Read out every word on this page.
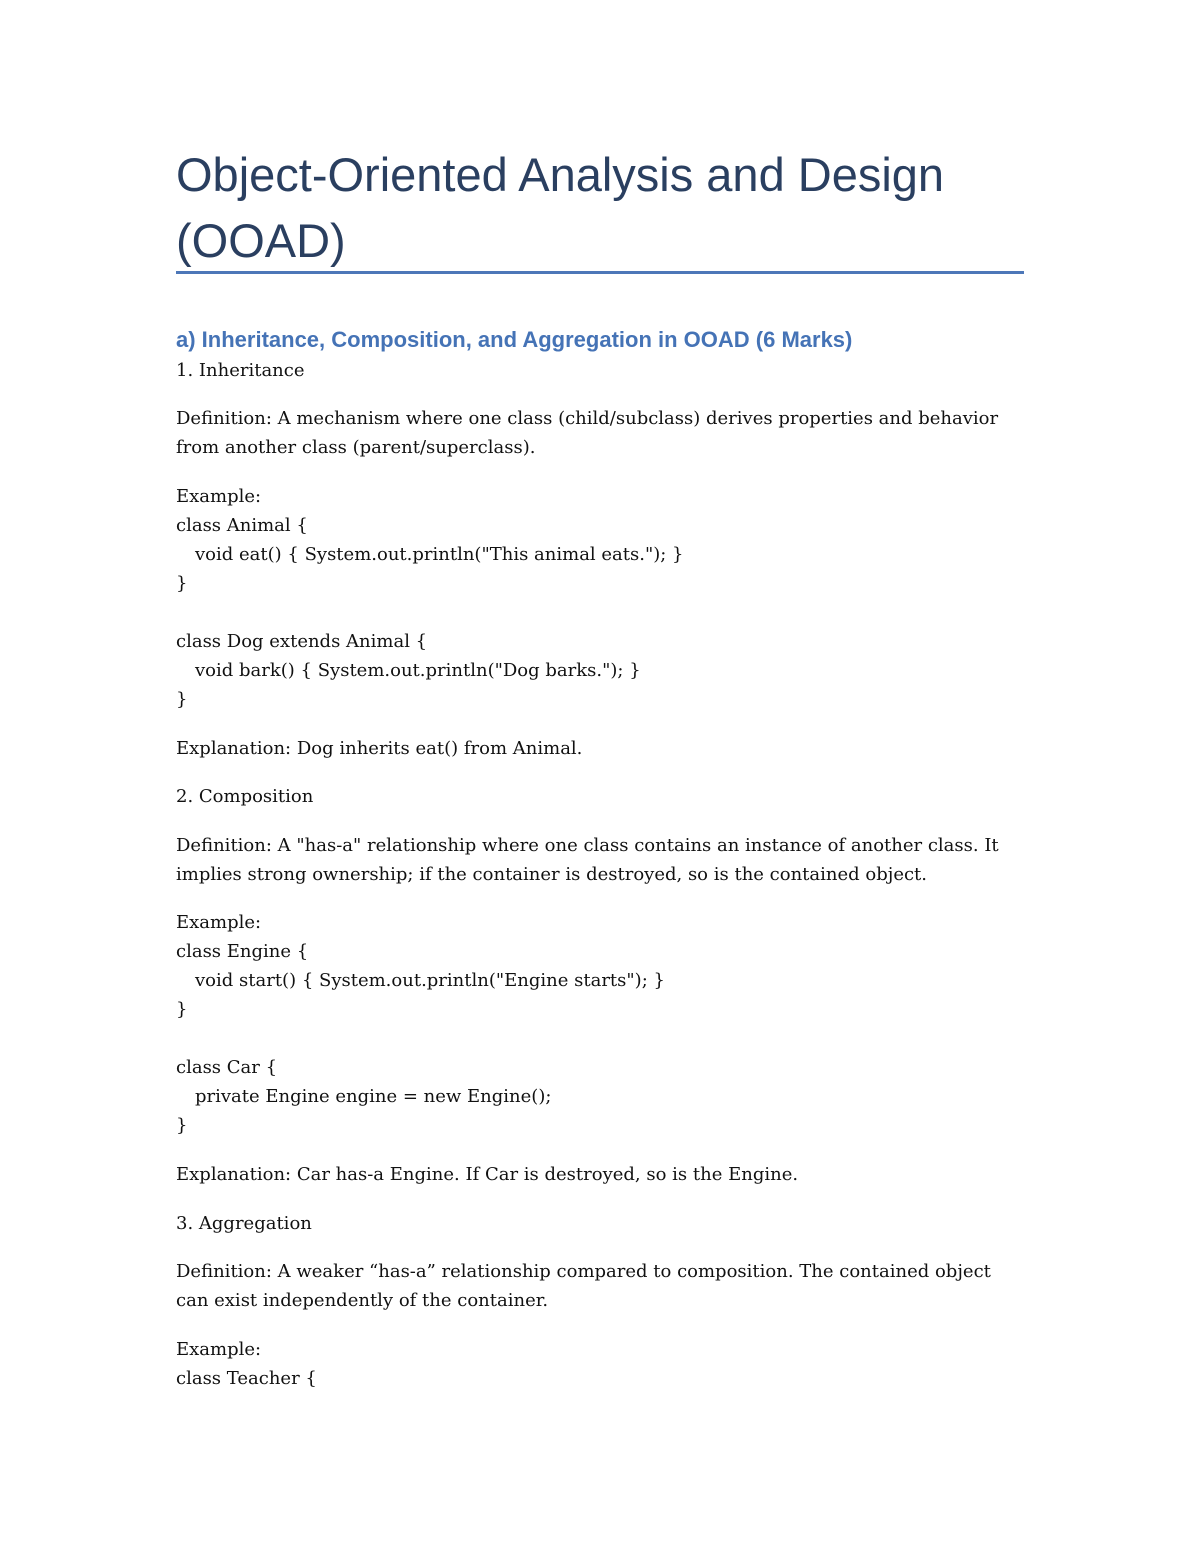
Object-Oriented Analysis and Design
(OOAD)
a) Inheritance, Composition, and Aggregation in OOAD (6 Marks)
1. Inheritance
Definition: A mechanism where one class (child/subclass) derives properties and behavior
from another class (parent/superclass).
Example:
class Animal {
void eat() { System.out.println("This animal eats."); }
}
class Dog extends Animal {
void bark() { System.out.println("Dog barks."); }
}
Explanation: Dog inherits eat() from Animal.
2. Composition
Definition: A "has-a" relationship where one class contains an instance of another class. It
implies strong ownership; if the container is destroyed, so is the contained object.
Example:
class Engine {
void start() { System.out.println("Engine starts"); }
}
class Car {
private Engine engine = new Engine();
}
Explanation: Car has-a Engine. If Car is destroyed, so is the Engine.
3. Aggregation
Definition: A weaker “has-a” relationship compared to composition. The contained object
can exist independently of the container.
Example:
class Teacher {
